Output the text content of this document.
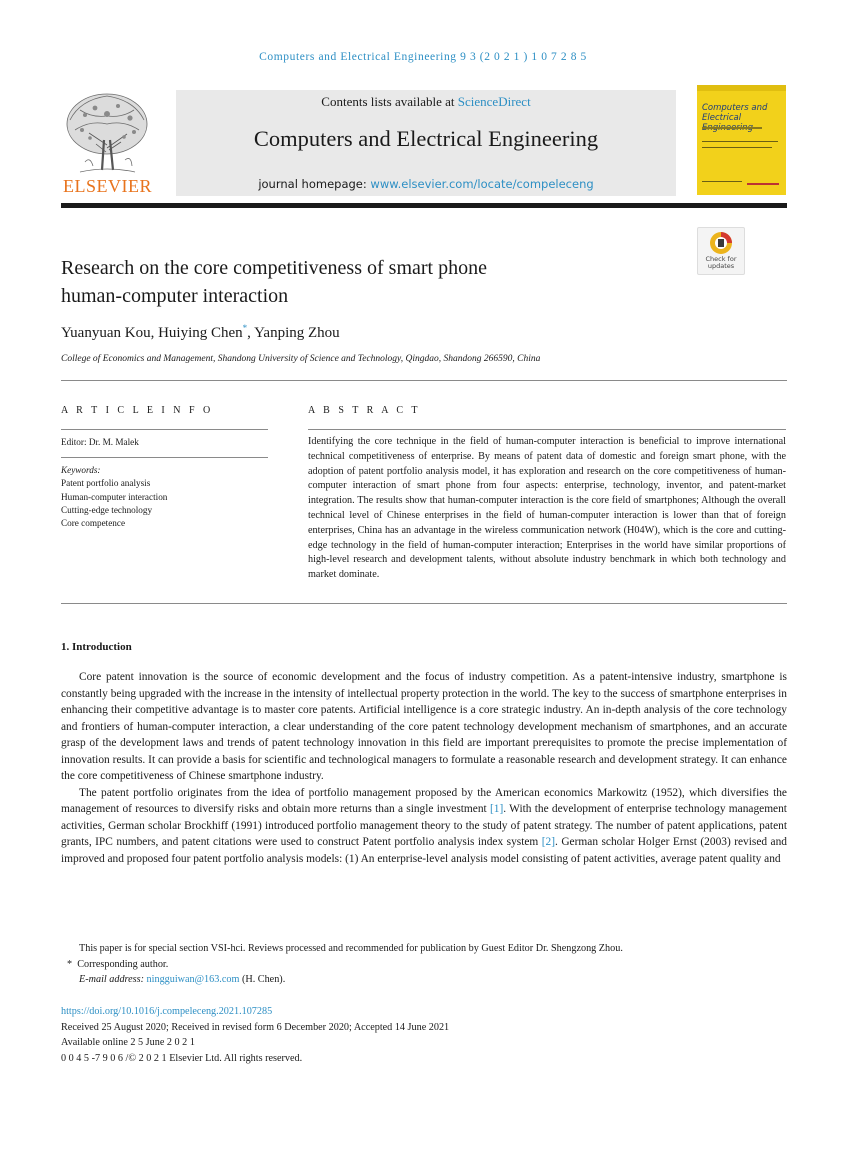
Computers and Electrical Engineering 9 3 (2 0 2 1 ) 1 0 7 2 8 5
ELSEVIER
Contents lists available at ScienceDirect
Computers and Electrical Engineering
journal homepage: www.elsevier.com/locate/compeleceng
Computers and
Electrical
Check for
updates
Research on the core competitiveness of smart phone
human-computer interaction
Yuanyuan Kou, Huiying Chen*, Yanping Zhou
College of Economics and Management, Shandong University of Science and Technology, Qingdao, Shandong 266590, China
A R T I C L E I N F O
Editor: Dr. M. Malek
Keywords:
Patent portfolio analysis
Human-computer interaction
Cutting-edge technology
Core competence
A B S T R A C T
Identifying the core technique in the field of human-computer interaction is beneficial to improve international technical competitiveness of enterprise. By means of patent data of domestic and foreign smart phone, with the adoption of patent portfolio analysis model, it has exploration and research on the core competitiveness of human-computer interaction of smart phone from four aspects: enterprise, technology, inventor, and patent-market integration. The results show that human-computer interaction is the core field of smartphones; Although the overall technical level of Chinese enterprises in the field of human-computer interaction is lower than that of foreign enterprises, China has an advantage in the wireless communication network (H04W), which is the core and cutting-edge technology in the field of human-computer interaction; Enterprises in the world have similar proportions of high-level research and development talents, without absolute industry benchmark in which both technology and market dominate.
1. Introduction

Core patent innovation is the source of economic development and the focus of industry competition. As a patent-intensive industry, smartphone is constantly being upgraded with the increase in the intensity of intellectual property protection in the world. The key to the success of smartphone enterprises in enhancing their competitive advantage is to master core patents. Artificial intelligence is a core strategic industry. An in-depth analysis of the core technology and frontiers of human-computer interaction, a clear understanding of the core patent technology development mechanism of smartphones, and an accurate grasp of the development laws and trends of patent technology innovation in this field are important prerequisites to promote the precise implementation of innovation results. It can provide a basis for scientific and technological managers to formulate a reasonable research and development strategy. It can enhance the core competitiveness of Chinese smartphone industry.

The patent portfolio originates from the idea of portfolio management proposed by the American economics Markowitz (1952), which diversifies the management of resources to diversify risks and obtain more returns than a single investment [1]. With the development of enterprise technology management activities, German scholar Brockhiff (1991) introduced portfolio management theory to the study of patent strategy. The number of patent applications, patent grants, IPC numbers, and patent citations were used to construct Patent portfolio analysis index system [2]. German scholar Holger Ernst (2003) revised and improved and proposed four patent portfolio analysis models: (1) An enterprise-level analysis model consisting of patent activities, average patent quality and

This paper is for special section VSI-hci. Reviews processed and recommended for publication by Guest Editor Dr. Shengzong Zhou.
* Corresponding author.
E-mail address: ningguiwan@163.com (H. Chen).
https://doi.org/10.1016/j.compeleceng.2021.107285
Received 25 August 2020; Received in revised form 6 December 2020; Accepted 14 June 2021
Available online 2 5 June 2 0 2 1
0 0 4 5 -7 9 0 6 /© 2 0 2 1 Elsevier Ltd. All rights reserved.
